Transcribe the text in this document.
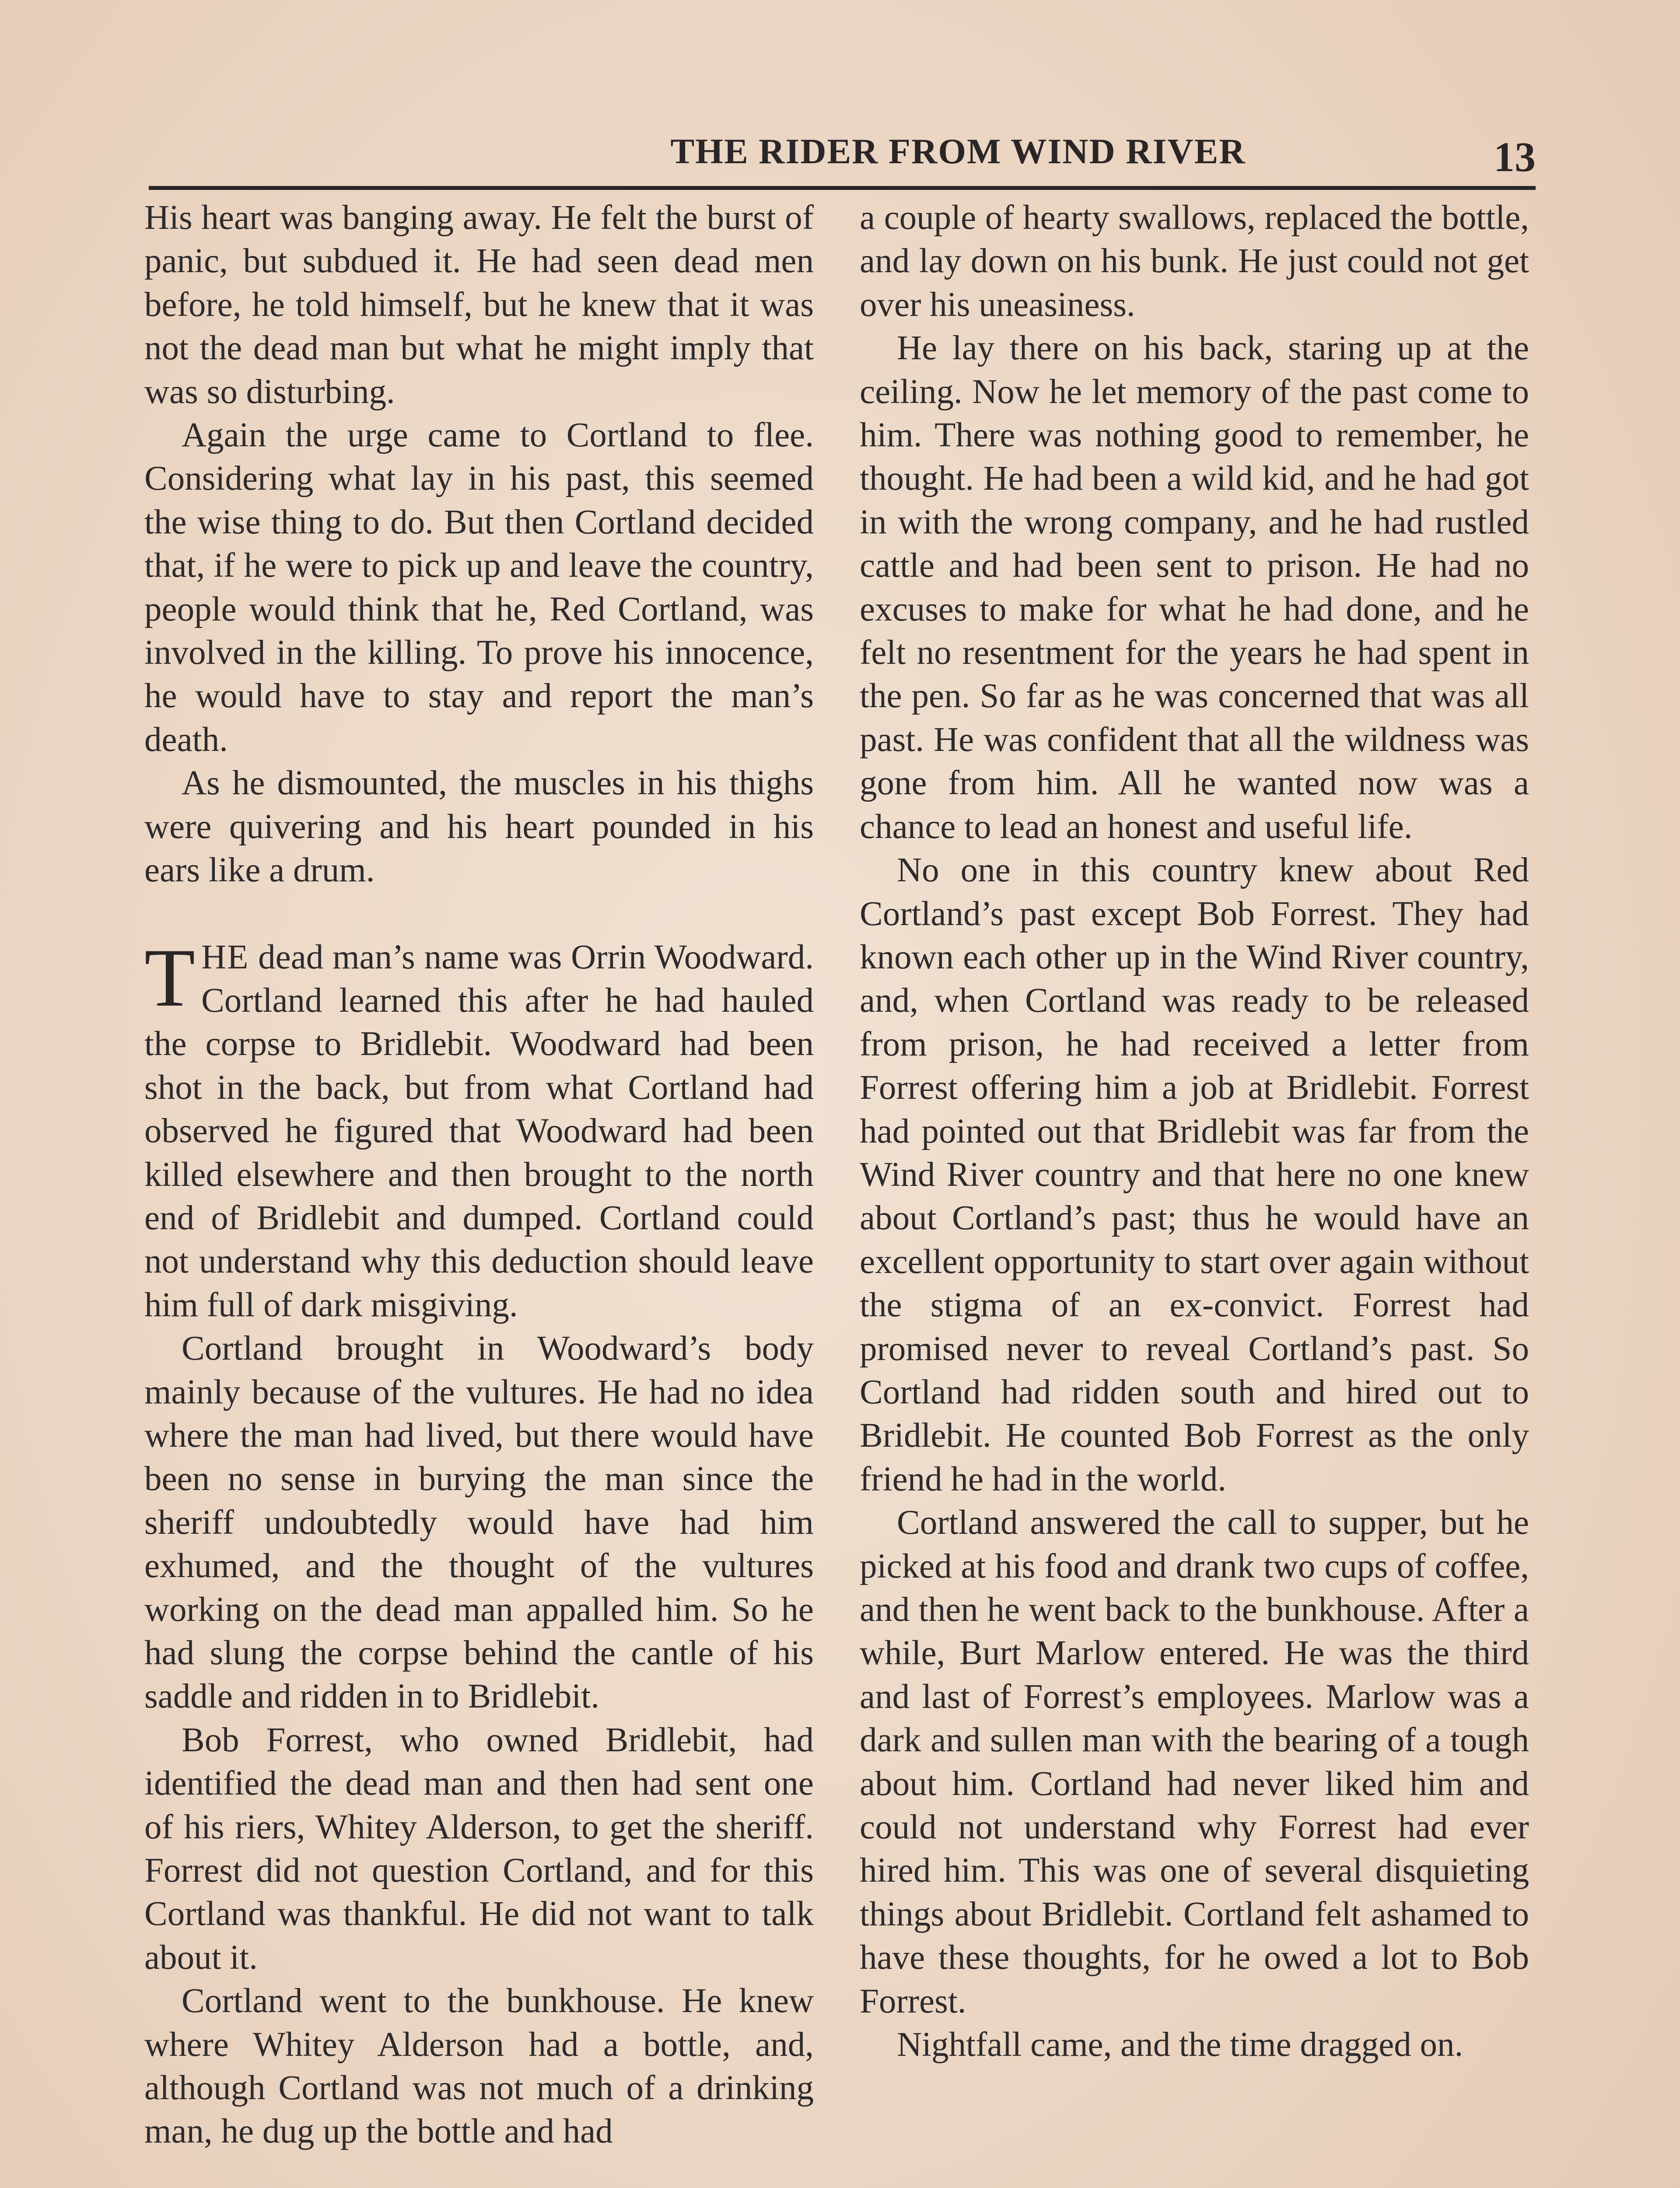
THE RIDER FROM WIND RIVER	13

His heart was banging away. He felt the burst of panic, but subdued it. He had seen dead men before, he told himself, but he knew that it was not the dead man but what he might imply that was so disturbing.

Again the urge came to Cortland to flee. Considering what lay in his past, this seemed the wise thing to do. But then Cortland decided that, if he were to pick up and leave the country, people would think that he, Red Cortland, was involved in the killing. To prove his innocence, he would have to stay and report the man’s death.

As he dismounted, the muscles in his thighs were quivering and his heart pounded in his ears like a drum.

THE dead man’s name was Orrin Woodward. Cortland learned this after he had hauled the corpse to Bridlebit. Woodward had been shot in the back, but from what Cortland had observed he figured that Woodward had been killed elsewhere and then brought to the north end of Bridlebit and dumped. Cortland could not understand why this deduction should leave him full of dark misgiving.

Cortland brought in Woodward’s body mainly because of the vultures. He had no idea where the man had lived, but there would have been no sense in burying the man since the sheriff undoubtedly would have had him exhumed, and the thought of the vultures working on the dead man appalled him. So he had slung the corpse behind the cantle of his saddle and ridden in to Bridlebit.

Bob Forrest, who owned Bridlebit, had identified the dead man and then had sent one of his riers, Whitey Alderson, to get the sheriff. Forrest did not question Cortland, and for this Cortland was thankful. He did not want to talk about it.

Cortland went to the bunkhouse. He knew where Whitey Alderson had a bottle, and, although Cortland was not much of a drinking man, he dug up the bottle and had

a couple of hearty swallows, replaced the bottle, and lay down on his bunk. He just could not get over his uneasiness.

He lay there on his back, staring up at the ceiling. Now he let memory of the past come to him. There was nothing good to remember, he thought. He had been a wild kid, and he had got in with the wrong company, and he had rustled cattle and had been sent to prison. He had no excuses to make for what he had done, and he felt no resentment for the years he had spent in the pen. So far as he was concerned that was all past. He was confident that all the wildness was gone from him. All he wanted now was a chance to lead an honest and useful life.

No one in this country knew about Red Cortland’s past except Bob Forrest. They had known each other up in the Wind River country, and, when Cortland was ready to be released from prison, he had received a letter from Forrest offering him a job at Bridlebit. Forrest had pointed out that Bridlebit was far from the Wind River country and that here no one knew about Cortland’s past; thus he would have an excellent opportunity to start over again without the stigma of an ex-convict. Forrest had promised never to reveal Cortland’s past. So Cortland had ridden south and hired out to Bridlebit. He counted Bob Forrest as the only friend he had in the world.

Cortland answered the call to supper, but he picked at his food and drank two cups of coffee, and then he went back to the bunkhouse. After a while, Burt Marlow entered. He was the third and last of Forrest’s employees. Marlow was a dark and sullen man with the bearing of a tough about him. Cortland had never liked him and could not understand why Forrest had ever hired him. This was one of several disquieting things about Bridlebit. Cortland felt ashamed to have these thoughts, for he owed a lot to Bob Forrest.

Nightfall came, and the time dragged on.
